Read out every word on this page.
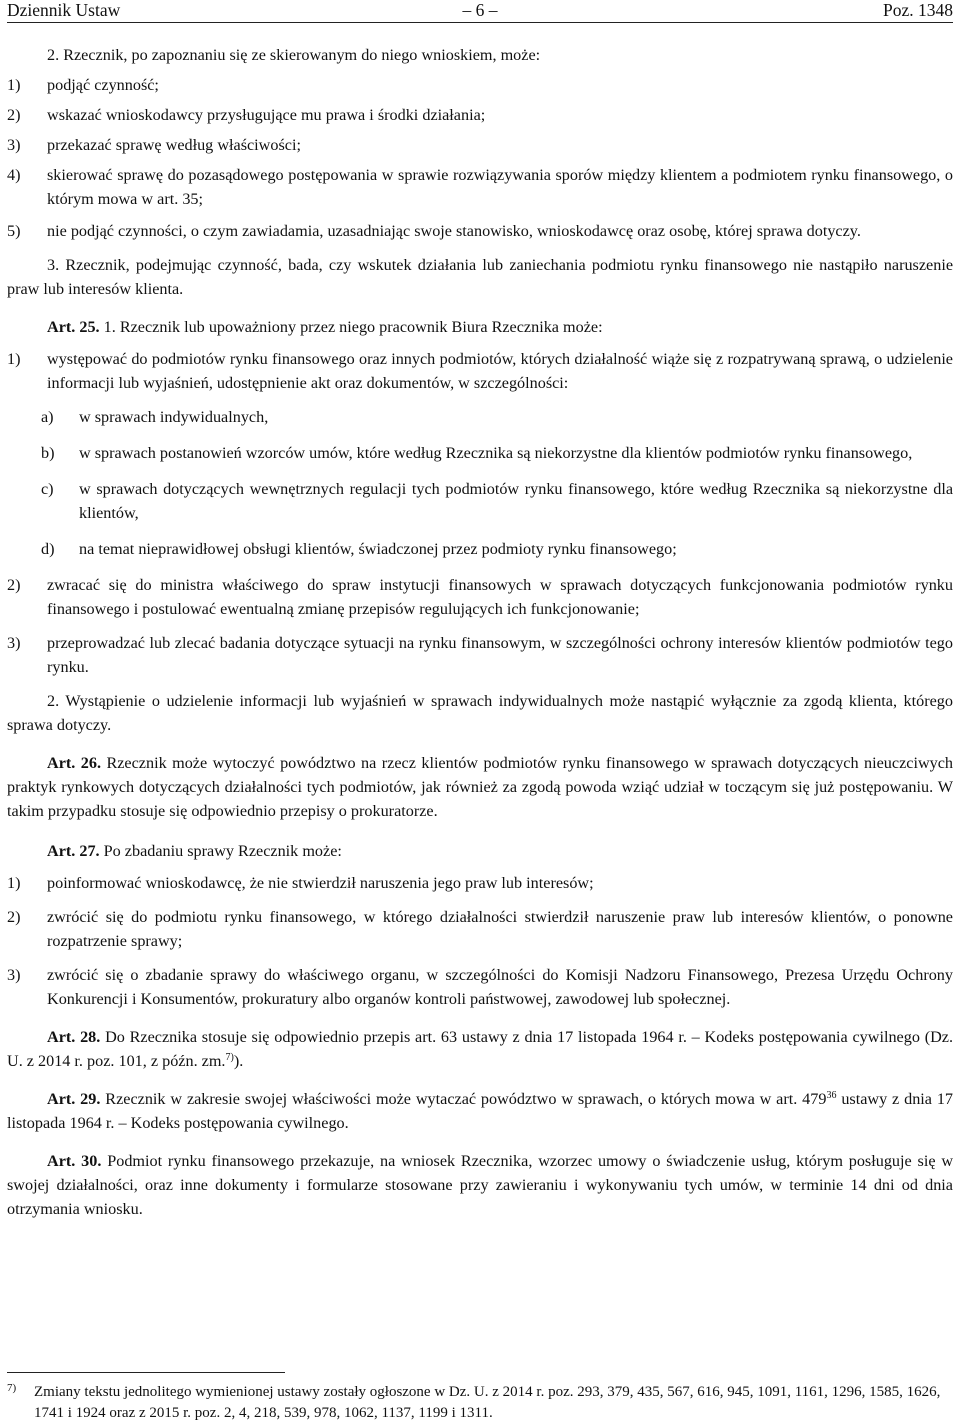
Dziennik Ustaw	– 6 –	Poz. 1348

2. Rzecznik, po zapoznaniu się ze skierowanym do niego wnioskiem, może:

1) podjąć czynność;
2) wskazać wnioskodawcy przysługujące mu prawa i środki działania;
3) przekazać sprawę według właściwości;
4) skierować sprawę do pozasądowego postępowania w sprawie rozwiązywania sporów między klientem a podmiotem rynku finansowego, o którym mowa w art. 35;
5) nie podjąć czynności, o czym zawiadamia, uzasadniając swoje stanowisko, wnioskodawcę oraz osobę, której sprawa dotyczy.

3. Rzecznik, podejmując czynność, bada, czy wskutek działania lub zaniechania podmiotu rynku finansowego nie nastąpiło naruszenie praw lub interesów klienta.

Art. 25. 1. Rzecznik lub upoważniony przez niego pracownik Biura Rzecznika może:

1) występować do podmiotów rynku finansowego oraz innych podmiotów, których działalność wiąże się z rozpatrywaną sprawą, o udzielenie informacji lub wyjaśnień, udostępnienie akt oraz dokumentów, w szczególności:
a) w sprawach indywidualnych,
b) w sprawach postanowień wzorców umów, które według Rzecznika są niekorzystne dla klientów podmiotów rynku finansowego,
c) w sprawach dotyczących wewnętrznych regulacji tych podmiotów rynku finansowego, które według Rzecznika są niekorzystne dla klientów,
d) na temat nieprawidłowej obsługi klientów, świadczonej przez podmioty rynku finansowego;
2) zwracać się do ministra właściwego do spraw instytucji finansowych w sprawach dotyczących funkcjonowania podmiotów rynku finansowego i postulować ewentualną zmianę przepisów regulujących ich funkcjonowanie;
3) przeprowadzać lub zlecać badania dotyczące sytuacji na rynku finansowym, w szczególności ochrony interesów klientów podmiotów tego rynku.

2. Wystąpienie o udzielenie informacji lub wyjaśnień w sprawach indywidualnych może nastąpić wyłącznie za zgodą klienta, którego sprawa dotyczy.

Art. 26. Rzecznik może wytoczyć powództwo na rzecz klientów podmiotów rynku finansowego w sprawach dotyczących nieuczciwych praktyk rynkowych dotyczących działalności tych podmiotów, jak również za zgodą powoda wziąć udział w toczącym się już postępowaniu. W takim przypadku stosuje się odpowiednio przepisy o prokuratorze.

Art. 27. Po zbadaniu sprawy Rzecznik może:

1) poinformować wnioskodawcę, że nie stwierdził naruszenia jego praw lub interesów;
2) zwrócić się do podmiotu rynku finansowego, w którego działalności stwierdził naruszenie praw lub interesów klientów, o ponowne rozpatrzenie sprawy;
3) zwrócić się o zbadanie sprawy do właściwego organu, w szczególności do Komisji Nadzoru Finansowego, Prezesa Urzędu Ochrony Konkurencji i Konsumentów, prokuratury albo organów kontroli państwowej, zawodowej lub społecznej.

Art. 28. Do Rzecznika stosuje się odpowiednio przepis art. 63 ustawy z dnia 17 listopada 1964 r. – Kodeks postępowania cywilnego (Dz. U. z 2014 r. poz. 101, z późn. zm.$^{7)}$).

Art. 29. Rzecznik w zakresie swojej właściwości może wytaczać powództwo w sprawach, o których mowa w art. $479^{36}$ ustawy z dnia 17 listopada 1964 r. – Kodeks postępowania cywilnego.

Art. 30. Podmiot rynku finansowego przekazuje, na wniosek Rzecznika, wzorzec umowy o świadczenie usług, którym posługuje się w swojej działalności, oraz inne dokumenty i formularze stosowane przy zawieraniu i wykonywaniu tych umów, w terminie 14 dni od dnia otrzymania wniosku.

7)	Zmiany tekstu jednolitego wymienionej ustawy zostały ogłoszone w Dz. U. z 2014 r. poz. 293, 379, 435, 567, 616, 945, 1091, 1161, 1296, 1585, 1626, 1741 i 1924 oraz z 2015 r. poz. 2, 4, 218, 539, 978, 1062, 1137, 1199 i 1311.
